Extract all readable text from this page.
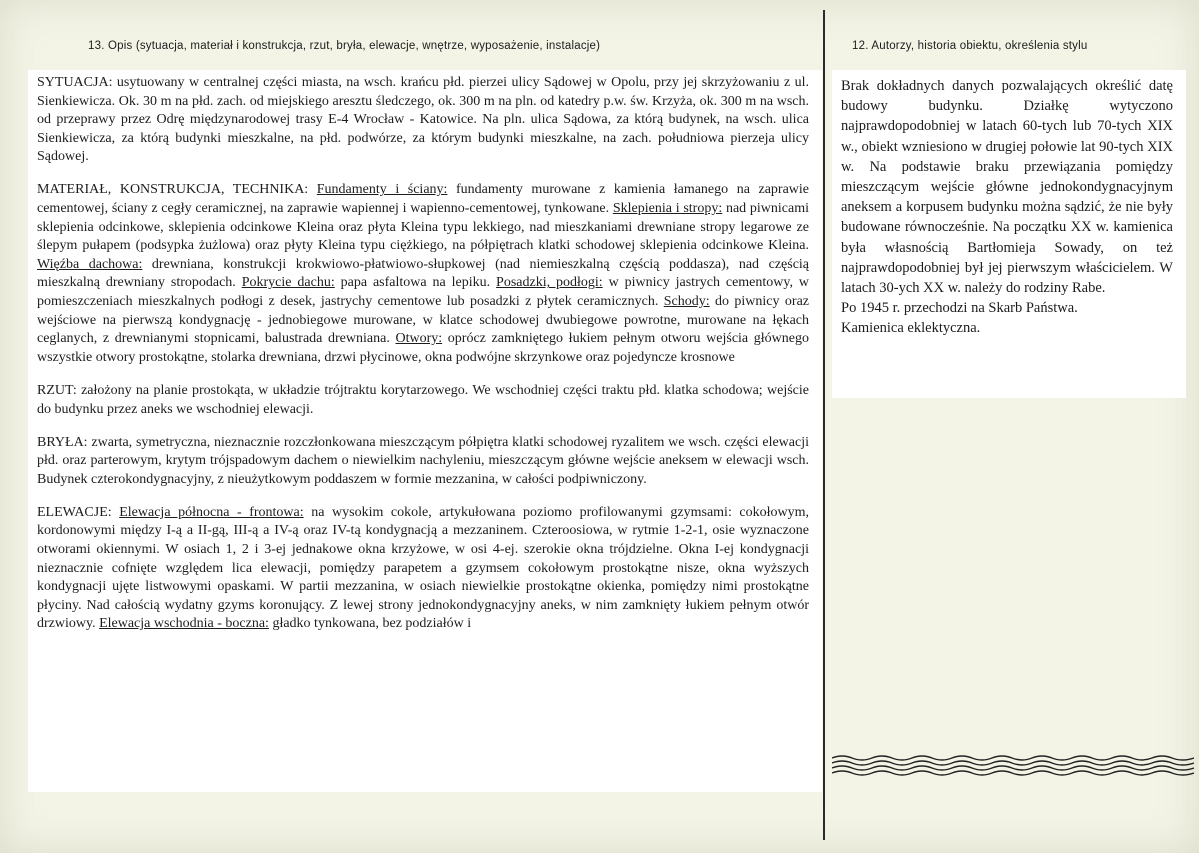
13. Opis (sytuacja, materiał i konstrukcja, rzut, bryła, elewacje, wnętrze, wyposażenie, instalacje)	12. Autorzy, historia obiektu, określenia stylu

SYTUACJA: usytuowany w centralnej części miasta, na wsch. krańcu płd. pierzei ulicy Sądowej w Opolu, przy jej skrzyżowaniu z ul. Sienkiewicza. Ok. 30 m na płd. zach. od miejskiego aresztu śledczego, ok. 300 m na pln. od katedry p.w. św. Krzyża, ok. 300 m na wsch. od przeprawy przez Odrę międzynarodowej trasy E-4 Wrocław - Katowice. Na pln. ulica Sądowa, za którą budynek, na wsch. ulica Sienkiewicza, za którą budynki mieszkalne, na płd. podwórze, za którym budynki mieszkalne, na zach. południowa pierzeja ulicy Sądowej.

MATERIAŁ, KONSTRUKCJA, TECHNIKA: Fundamenty i ściany: fundamenty murowane z kamienia łamanego na zaprawie cementowej, ściany z cegły ceramicznej, na zaprawie wapiennej i wapienno-cementowej, tynkowane. Sklepienia i stropy: nad piwnicami sklepienia odcinkowe, sklepienia odcinkowe Kleina oraz płyta Kleina typu lekkiego, nad mieszkaniami drewniane stropy legarowe ze ślepym pułapem (podsypka żużlowa) oraz płyty Kleina typu ciężkiego, na półpiętrach klatki schodowej sklepienia odcinkowe Kleina. Więźba dachowa: drewniana, konstrukcji krokwiowo-płatwiowo-słupkowej (nad niemieszkalną częścią poddasza), nad częścią mieszkalną drewniany stropodach. Pokrycie dachu: papa asfaltowa na lepiku. Posadzki, podłogi: w piwnicy jastrych cementowy, w pomieszczeniach mieszkalnych podłogi z desek, jastrychy cementowe lub posadzki z płytek ceramicznych. Schody: do piwnicy oraz wejściowe na pierwszą kondygnację - jednobiegowe murowane, w klatce schodowej dwubiegowe powrotne, murowane na łękach ceglanych, z drewnianymi stopnicami, balustrada drewniana. Otwory: oprócz zamkniętego łukiem pełnym otworu wejścia głównego wszystkie otwory prostokątne, stolarka drewniana, drzwi płycinowe, okna podwójne skrzynkowe oraz pojedyncze krosnowe

RZUT: założony na planie prostokąta, w układzie trójtraktu korytarzowego. We wschodniej części traktu płd. klatka schodowa; wejście do budynku przez aneks we wschodniej elewacji.

BRYŁA: zwarta, symetryczna, nieznacznie rozczłonkowana mieszczącym półpiętra klatki schodowej ryzalitem we wsch. części elewacji płd. oraz parterowym, krytym trójspadowym dachem o niewielkim nachyleniu, mieszczącym główne wejście aneksem w elewacji wsch. Budynek czterokondygnacyjny, z nieużytkowym poddaszem w formie mezzanina, w całości podpiwniczony.

ELEWACJE: Elewacja północna - frontowa: na wysokim cokole, artykułowana poziomo profilowanymi gzymsami: cokołowym, kordonowymi między I-ą a II-gą, III-ą a IV-ą oraz IV-tą kondygnacją a mezzaninem. Czteroosiowa, w rytmie 1-2-1, osie wyznaczone otworami okiennymi. W osiach 1, 2 i 3-ej jednakowe okna krzyżowe, w osi 4-ej. szerokie okna trójdzielne. Okna I-ej kondygnacji nieznacznie cofnięte względem lica elewacji, pomiędzy parapetem a gzymsem cokołowym prostokątne nisze, okna wyższych kondygnacji ujęte listwowymi opaskami. W partii mezzanina, w osiach niewielkie prostokątne okienka, pomiędzy nimi prostokątne płyciny. Nad całością wydatny gzyms koronujący. Z lewej strony jednokondygnacyjny aneks, w nim zamknięty łukiem pełnym otwór drzwiowy. Elewacja wschodnia - boczna: gładko tynkowana, bez podziałów i

Brak dokładnych danych pozwalających określić datę budowy budynku. Działkę wytyczono najprawdopodobniej w latach 60-tych lub 70-tych XIX w., obiekt wzniesiono w drugiej połowie lat 90-tych XIX w. Na podstawie braku przewiązania pomiędzy mieszczącym wejście główne jednokondygnacyjnym aneksem a korpusem budynku można sądzić, że nie były budowane równocześnie. Na początku XX w. kamienica była własnością Bartłomieja Sowady, on też najprawdopodobniej był jej pierwszym właścicielem. W latach 30-ych XX w. należy do rodziny Rabe.

Po 1945 r. przechodzi na Skarb Państwa.

Kamienica eklektyczna.
